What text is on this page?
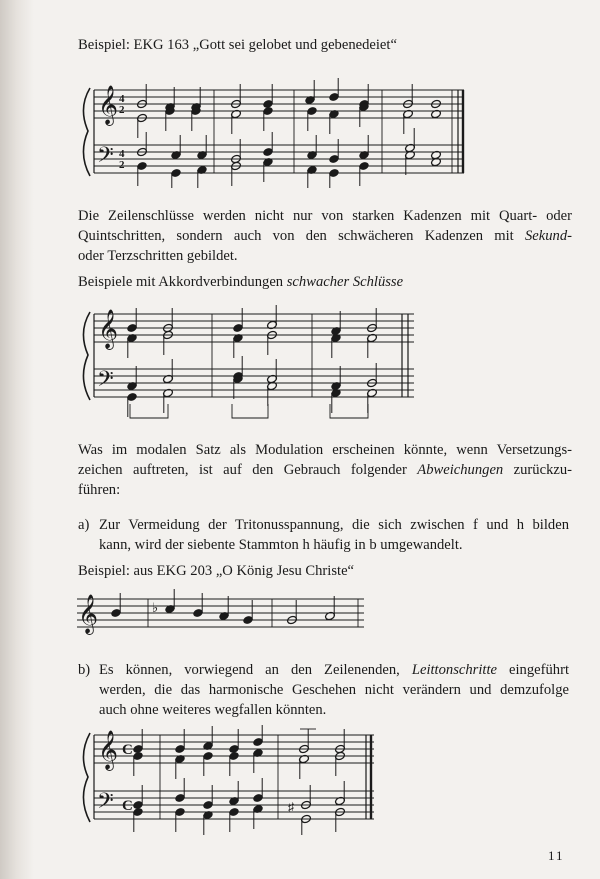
Beispiel: EKG 163 „Gott sei gelobet und gebenedeiet“
𝄞
𝄢
4
2
4
2
Die Zeilenschlüsse werden nicht nur von starken Kadenzen mit Quart- oder
Quintschritten, sondern auch von den schwächeren Kadenzen mit Sekund-
oder Terzschritten gebildet.
Beispiele mit Akkordverbindungen schwacher Schlüsse
𝄞
𝄢
Was im modalen Satz als Modulation erscheinen könnte, wenn Versetzungs-
zeichen auftreten, ist auf den Gebrauch folgender Abweichungen zurückzu-
führen:
a) Zur Vermeidung der Tritonusspannung, die sich zwischen f und h bilden
kann, wird der siebente Stammton h häufig in b umgewandelt.
Beispiel: aus EKG 203 „O König Jesu Christe“
𝄞	♭
b) Es können, vorwiegend an den Zeilenenden, Leittonschritte eingeführt
werden, die das harmonische Geschehen nicht verändern und demzufolge
auch ohne weiteres wegfallen könnten.
𝄞
𝄢
C
C	♯
11
